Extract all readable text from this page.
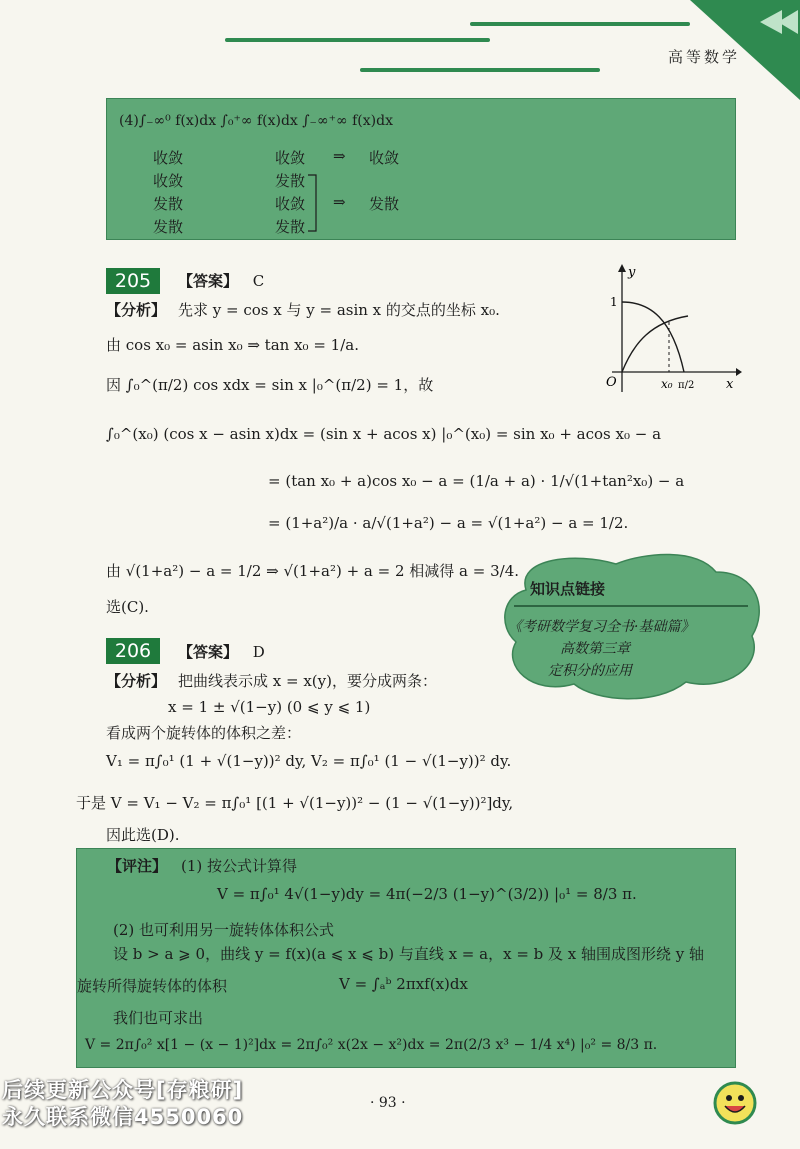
高等数学
(4)∫₋∞⁰ f(x)dx ∫₀⁺∞ f(x)dx ∫₋∞⁺∞ f(x)dx
收敛	收敛 ⇒ 收敛
收敛	发散
发散	收敛 ⇒ 发散
发散	发散
205	【答案】 C
【分析】 先求 y = cos x 与 y = asin x 的交点的坐标 x₀.
由 cos x₀ = asin x₀ ⇒ tan x₀ = 1/a.
因 ∫₀^(π/2) cos xdx = sin x |₀^(π/2) = 1，故
∫₀^(x₀) (cos x − asin x)dx = (sin x + acos x) |₀^(x₀) = sin x₀ + acos x₀ − a
= (tan x₀ + a)cos x₀ − a = (1/a + a) · 1/√(1+tan²x₀) − a
= (1+a²)/a · a/√(1+a²) − a = √(1+a²) − a = 1/2.
由 √(1+a²) − a = 1/2 ⇒ √(1+a²) + a = 2 相减得 a = 3/4.
选(C).
y
x
O
1
x₀ π/2
知识点链接
《考研数学复习全书·基础篇》
高数第三章
定积分的应用
206	【答案】 D
【分析】 把曲线表示成 x = x(y)，要分成两条：
x = 1 ± √(1−y) (0 ⩽ y ⩽ 1)
看成两个旋转体的体积之差：
V₁ = π∫₀¹ (1 + √(1−y))² dy, V₂ = π∫₀¹ (1 − √(1−y))² dy.
于是 V = V₁ − V₂ = π∫₀¹ [(1 + √(1−y))² − (1 − √(1−y))²]dy,
因此选(D).
【评注】 (1) 按公式计算得
V = π∫₀¹ 4√(1−y)dy = 4π(−2/3 (1−y)^(3/2)) |₀¹ = 8/3 π.
(2) 也可利用另一旋转体体积公式
设 b > a ⩾ 0，曲线 y = f(x)(a ⩽ x ⩽ b) 与直线 x = a，x = b 及 x 轴围成图形绕 y 轴
旋转所得旋转体的体积	V = ∫ₐᵇ 2πxf(x)dx
我们也可求出
V = 2π∫₀² x[1 − (x − 1)²]dx = 2π∫₀² x(2x − x²)dx = 2π(2/3 x³ − 1/4 x⁴) |₀² = 8/3 π.
· 93 ·
后续更新公众号[存粮研]
永久联系微信4550060
